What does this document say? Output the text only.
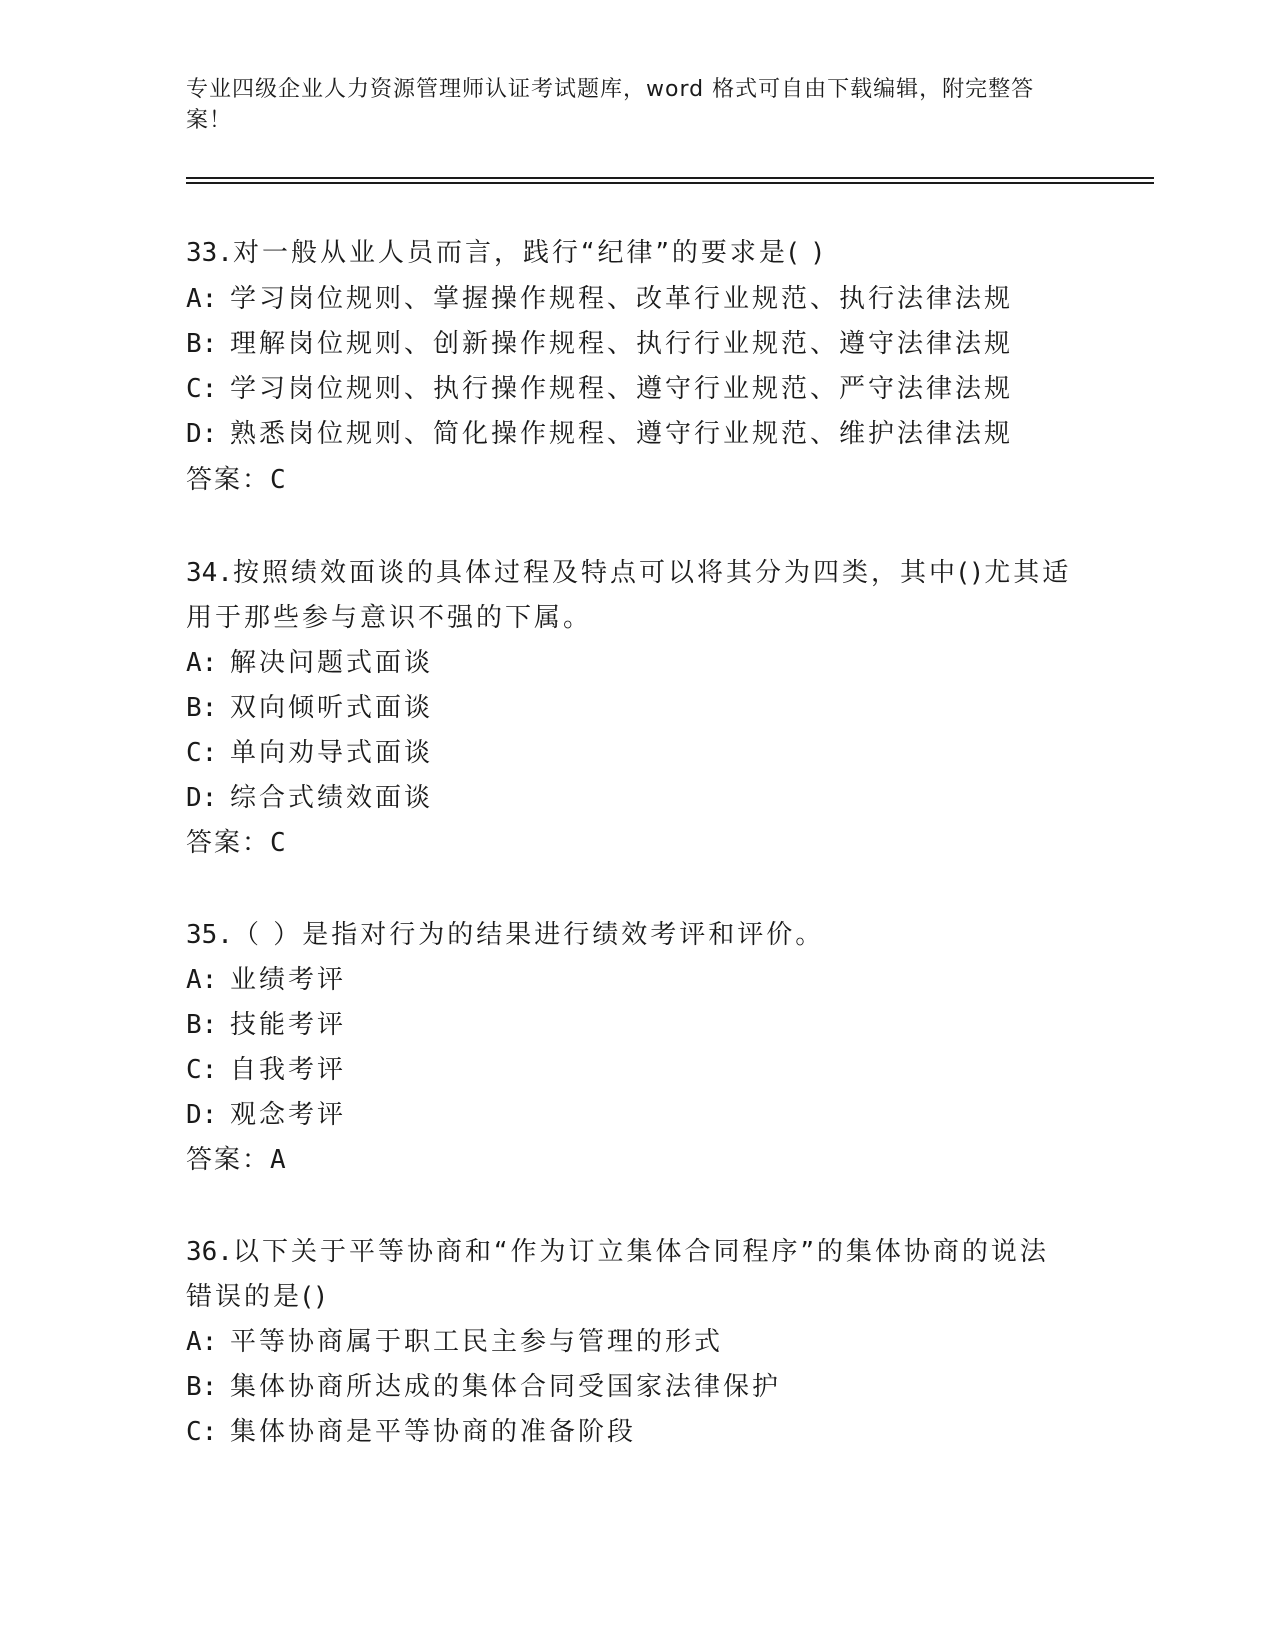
专业四级企业人力资源管理师认证考试题库，word 格式可自由下载编辑，附完整答案！
33.对一般从业人员而言，践行“纪律”的要求是( )
A: 学习岗位规则、掌握操作规程、改革行业规范、执行法律法规
B: 理解岗位规则、创新操作规程、执行行业规范、遵守法律法规
C: 学习岗位规则、执行操作规程、遵守行业规范、严守法律法规
D: 熟悉岗位规则、简化操作规程、遵守行业规范、维护法律法规
答案：C
34.按照绩效面谈的具体过程及特点可以将其分为四类，其中()尤其适
用于那些参与意识不强的下属。
A: 解决问题式面谈
B: 双向倾听式面谈
C: 单向劝导式面谈
D: 综合式绩效面谈
答案：C
35.（ ）是指对行为的结果进行绩效考评和评价。
A: 业绩考评
B: 技能考评
C: 自我考评
D: 观念考评
答案：A
36.以下关于平等协商和“作为订立集体合同程序”的集体协商的说法
错误的是()
A: 平等协商属于职工民主参与管理的形式
B: 集体协商所达成的集体合同受国家法律保护
C: 集体协商是平等协商的准备阶段
